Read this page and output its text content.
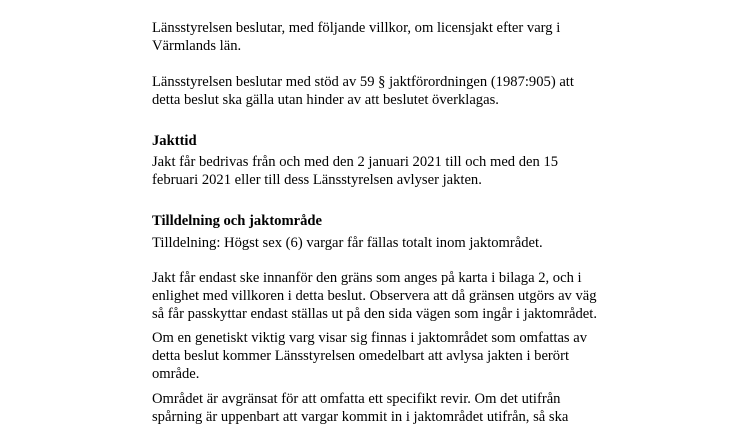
Länsstyrelsen beslutar, med följande villkor, om licensjakt efter varg i
Värmlands län.
Länsstyrelsen beslutar med stöd av 59 § jaktförordningen (1987:905) att
detta beslut ska gälla utan hinder av att beslutet överklagas.
Jakttid
Jakt får bedrivas från och med den 2 januari 2021 till och med den 15
februari 2021 eller till dess Länsstyrelsen avlyser jakten.
Tilldelning och jaktområde
Tilldelning: Högst sex (6) vargar får fällas totalt inom jaktområdet.
Jakt får endast ske innanför den gräns som anges på karta i bilaga 2, och i
enlighet med villkoren i detta beslut. Observera att då gränsen utgörs av väg
så får passkyttar endast ställas ut på den sida vägen som ingår i jaktområdet.
Om en genetiskt viktig varg visar sig finnas i jaktområdet som omfattas av
detta beslut kommer Länsstyrelsen omedelbart att avlysa jakten i berört
område.
Området är avgränsat för att omfatta ett specifikt revir. Om det utifrån
spårning är uppenbart att vargar kommit in i jaktområdet utifrån, så ska
